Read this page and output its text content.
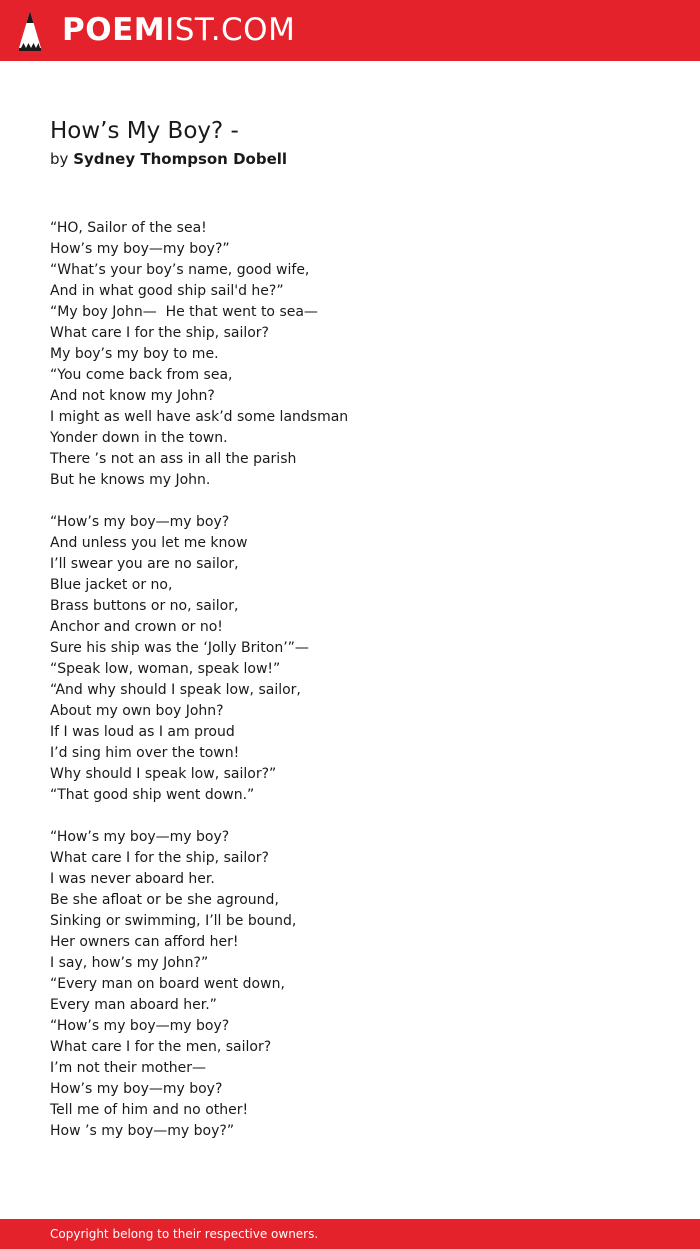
POEMIST.COM
How’s My Boy? -
by Sydney Thompson Dobell
“HO, Sailor of the sea!
How’s my boy—my boy?”
“What’s your boy’s name, good wife,
And in what good ship sail'd he?”
“My boy John—  He that went to sea—
What care I for the ship, sailor?
My boy’s my boy to me.
“You come back from sea,
And not know my John?
I might as well have ask’d some landsman
Yonder down in the town.
There ’s not an ass in all the parish
But he knows my John.
“How’s my boy—my boy?
And unless you let me know
I’ll swear you are no sailor,
Blue jacket or no,
Brass buttons or no, sailor,
Anchor and crown or no!
Sure his ship was the ‘Jolly Briton’”—
“Speak low, woman, speak low!”
“And why should I speak low, sailor,
About my own boy John?
If I was loud as I am proud
I’d sing him over the town!
Why should I speak low, sailor?”
“That good ship went down.”
“How’s my boy—my boy?
What care I for the ship, sailor?
I was never aboard her.
Be she afloat or be she aground,
Sinking or swimming, I’ll be bound,
Her owners can afford her!
I say, how’s my John?”
“Every man on board went down,
Every man aboard her.”
“How’s my boy—my boy?
What care I for the men, sailor?
I’m not their mother—
How’s my boy—my boy?
Tell me of him and no other!
How ’s my boy—my boy?”
Copyright belong to their respective owners.
